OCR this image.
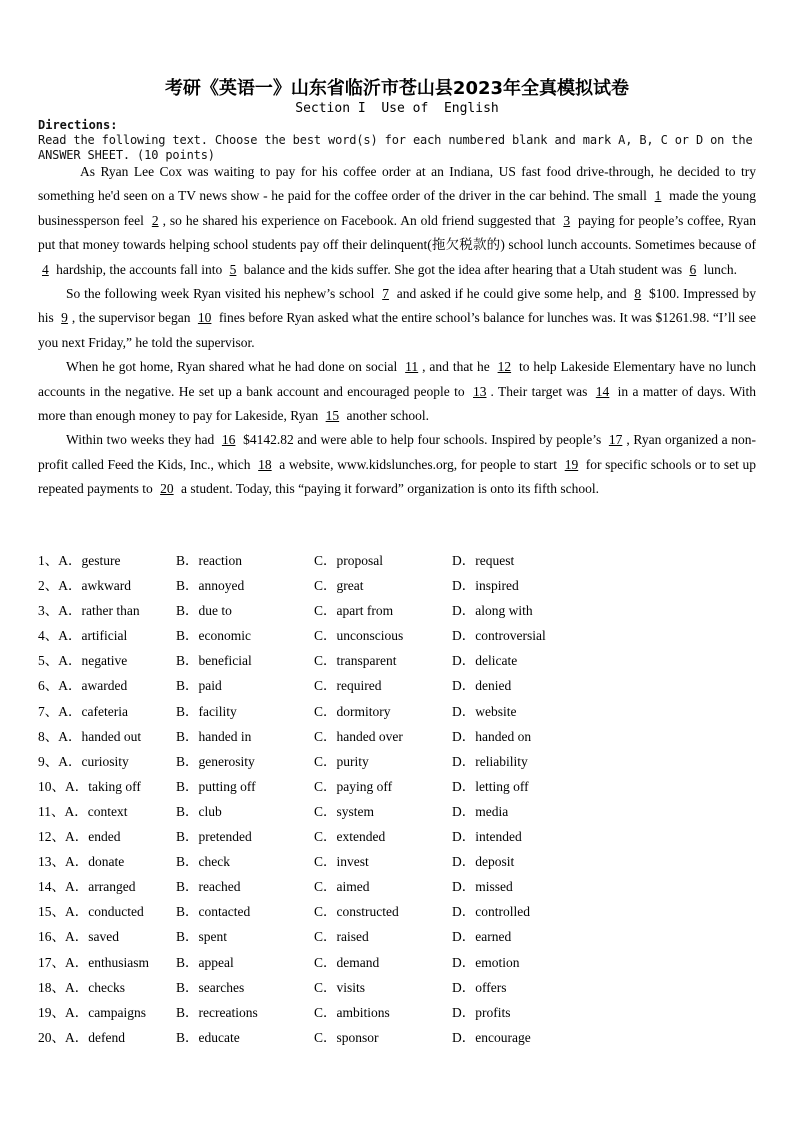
考研《英语一》山东省临沂市苍山县2023年全真模拟试卷
Section I  Use of  English
Directions:
Read the following text. Choose the best word(s) for each numbered blank and mark A, B, C or D on the ANSWER SHEET. (10 points)

As Ryan Lee Cox was waiting to pay for his coffee order at an Indiana, US fast food drive-through, he decided to try something he'd seen on a TV news show - he paid for the coffee order of the driver in the car behind. The small 1 made the young businessperson feel 2 , so he shared his experience on Facebook. An old friend suggested that 3 paying for people’s coffee, Ryan put that money towards helping school students pay off their delinquent(拖欠税款的) school lunch accounts. Sometimes because of 4 hardship, the accounts fall into 5 balance and the kids suffer. She got the idea after hearing that a Utah student was 6 lunch.

So the following week Ryan visited his nephew’s school 7 and asked if he could give some help, and 8 $100. Impressed by his 9 , the supervisor began 10 fines before Ryan asked what the entire school’s balance for lunches was. It was $1261.98. “I’ll see you next Friday,” he told the supervisor.

When he got home, Ryan shared what he had done on social 11 , and that he 12 to help Lakeside Elementary have no lunch accounts in the negative. He set up a bank account and encouraged people to 13 . Their target was 14 in a matter of days. With more than enough money to pay for Lakeside, Ryan 15 another school.

Within two weeks they had 16 $4142.82 and were able to help four schools. Inspired by people’s 17 , Ryan organized a non-profit called Feed the Kids, Inc., which 18 a website, www.kidslunches.org, for people to start 19 for specific schools or to set up repeated payments to 20 a student. Today, this “paying it forward” organization is onto its fifth school.

1、A．gesture	B．reaction	C．proposal	D．request
2、A．awkward	B．annoyed	C．great	D．inspired
3、A．rather than	B．due to	C．apart from	D．along with
4、A．artificial	B．economic	C．unconscious	D．controversial
5、A．negative	B．beneficial	C．transparent	D．delicate
6、A．awarded	B．paid	C．required	D．denied
7、A．cafeteria	B．facility	C．dormitory	D．website
8、A．handed out	B．handed in	C．handed over	D．handed on
9、A．curiosity	B．generosity	C．purity	D．reliability
10、A．taking off	B．putting off	C．paying off	D．letting off
11、A．context	B．club	C．system	D．media
12、A．ended	B．pretended	C．extended	D．intended
13、A．donate	B．check	C．invest	D．deposit
14、A．arranged	B．reached	C．aimed	D．missed
15、A．conducted B．contacted	C．constructed	D．controlled
16、A．saved	B．spent	C．raised	D．earned
17、A．enthusiasm B．appeal	C．demand	D．emotion
18、A．checks	B．searches	C．visits	D．offers
19、A．campaigns B．recreations	C．ambitions	D．profits
20、A．defend	B．educate	C．sponsor	D．encourage
